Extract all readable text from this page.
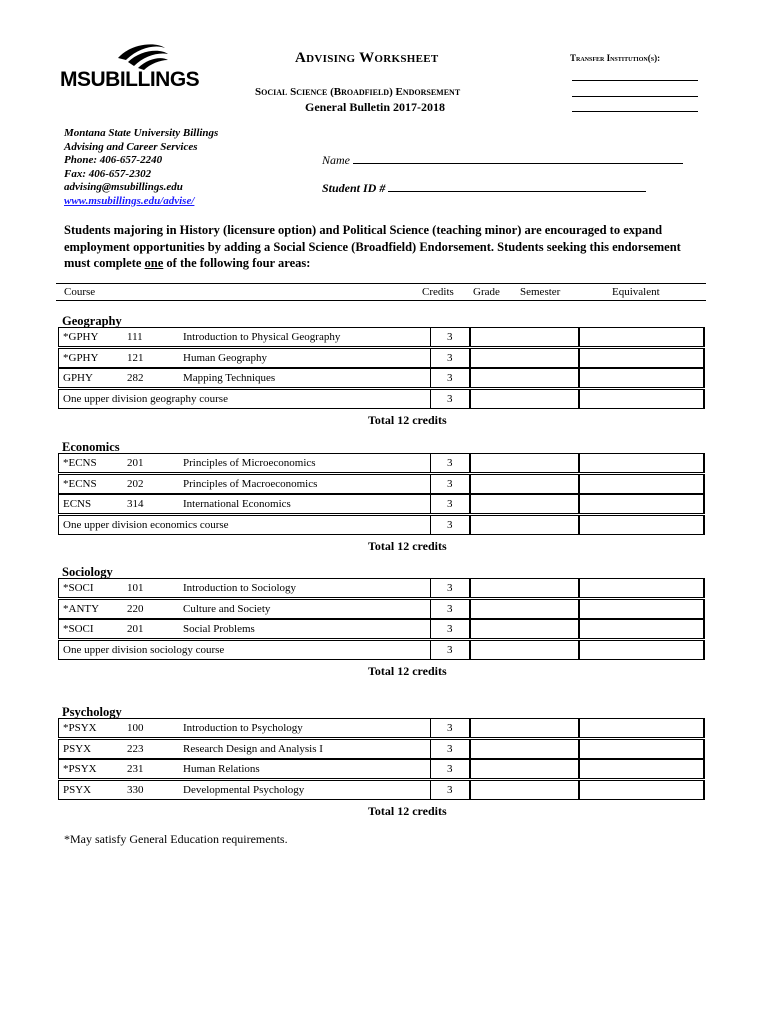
MSUBILLINGS
Advising Worksheet
Social Science (Broadfield) Endorsement
General Bulletin 2017-2018
Transfer Institution(s):
Montana State University Billings
Advising and Career Services
Phone: 406-657-2240
Fax: 406-657-2302
advising@msubillings.edu
www.msubillings.edu/advise/
Name
Student ID #
Students majoring in History (licensure option) and Political Science (teaching minor) are encouraged to expand employment opportunities by adding a Social Science (Broadfield) Endorsement. Students seeking this endorsement must complete one of the following four areas:
Course	Credits Grade Semester	Equivalent
Geography
*GPHY	111	Introduction to Physical Geography	3
*GPHY	121	Human Geography	3
GPHY	282	Mapping Techniques	3
One upper division geography course	3
Total 12 credits
Economics
*ECNS	201	Principles of Microeconomics	3
*ECNS	202	Principles of Macroeconomics	3
ECNS	314	International Economics	3
One upper division economics course	3
Total 12 credits
Sociology
*SOCI	101	Introduction to Sociology	3
*ANTY	220	Culture and Society	3
*SOCI	201	Social Problems	3
One upper division sociology course	3
Total 12 credits
Psychology
*PSYX	100	Introduction to Psychology	3
PSYX	223	Research Design and Analysis I	3
*PSYX	231	Human Relations	3
PSYX	330	Developmental Psychology	3
Total 12 credits
*May satisfy General Education requirements.
